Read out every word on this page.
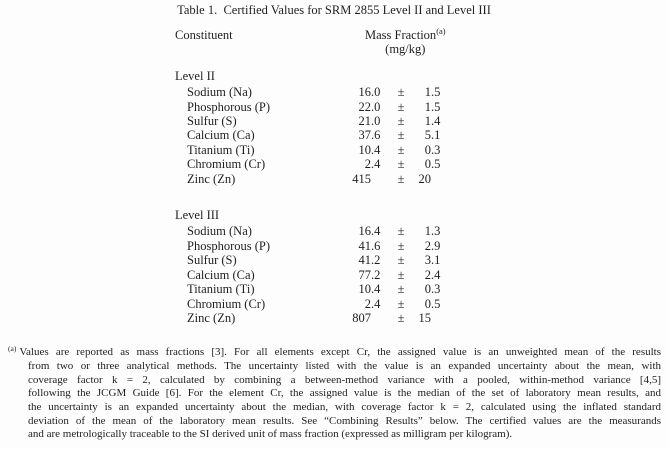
Table 1.  Certified Values for SRM 2855 Level II and Level III
Constituent	Mass Fraction$^{(a)}$
(mg/kg)
Level II
Sodium (Na)	16 .0	±	1 .5
Phosphorous (P)	22 .0	±	1 .5
Sulfur (S)	21 .0	±	1 .4
Calcium (Ca)	37 .6	±	5 .1
Titanium (Ti)	10 .4	±	0 .3
Chromium (Cr)	2 .4	±	0 .5
Zinc (Zn)	415	±	20
Level III
Sodium (Na)	16 .4	±	1 .3
Phosphorous (P)	41 .6	±	2 .9
Sulfur (S)	41 .2	±	3 .1
Calcium (Ca)	77 .2	±	2 .4
Titanium (Ti)	10 .4	±	0 .3
Chromium (Cr)	2 .4	±	0 .5
Zinc (Zn)	807	±	15
$^{(a)}$ Values are reported as mass fractions [3]. For all elements except Cr, the assigned value is an unweighted mean of the results
from two or three analytical methods. The uncertainty listed with the value is an expanded uncertainty about the mean, with
coverage factor k = 2, calculated by combining a between-method variance with a pooled, within-method variance [4,5]
following the JCGM Guide [6]. For the element Cr, the assigned value is the median of the set of laboratory mean results, and
the uncertainty is an expanded uncertainty about the median, with coverage factor k = 2, calculated using the inflated standard
deviation of the mean of the laboratory mean results. See “Combining Results” below. The certified values are the measurands
and are metrologically traceable to the SI derived unit of mass fraction (expressed as milligram per kilogram).
